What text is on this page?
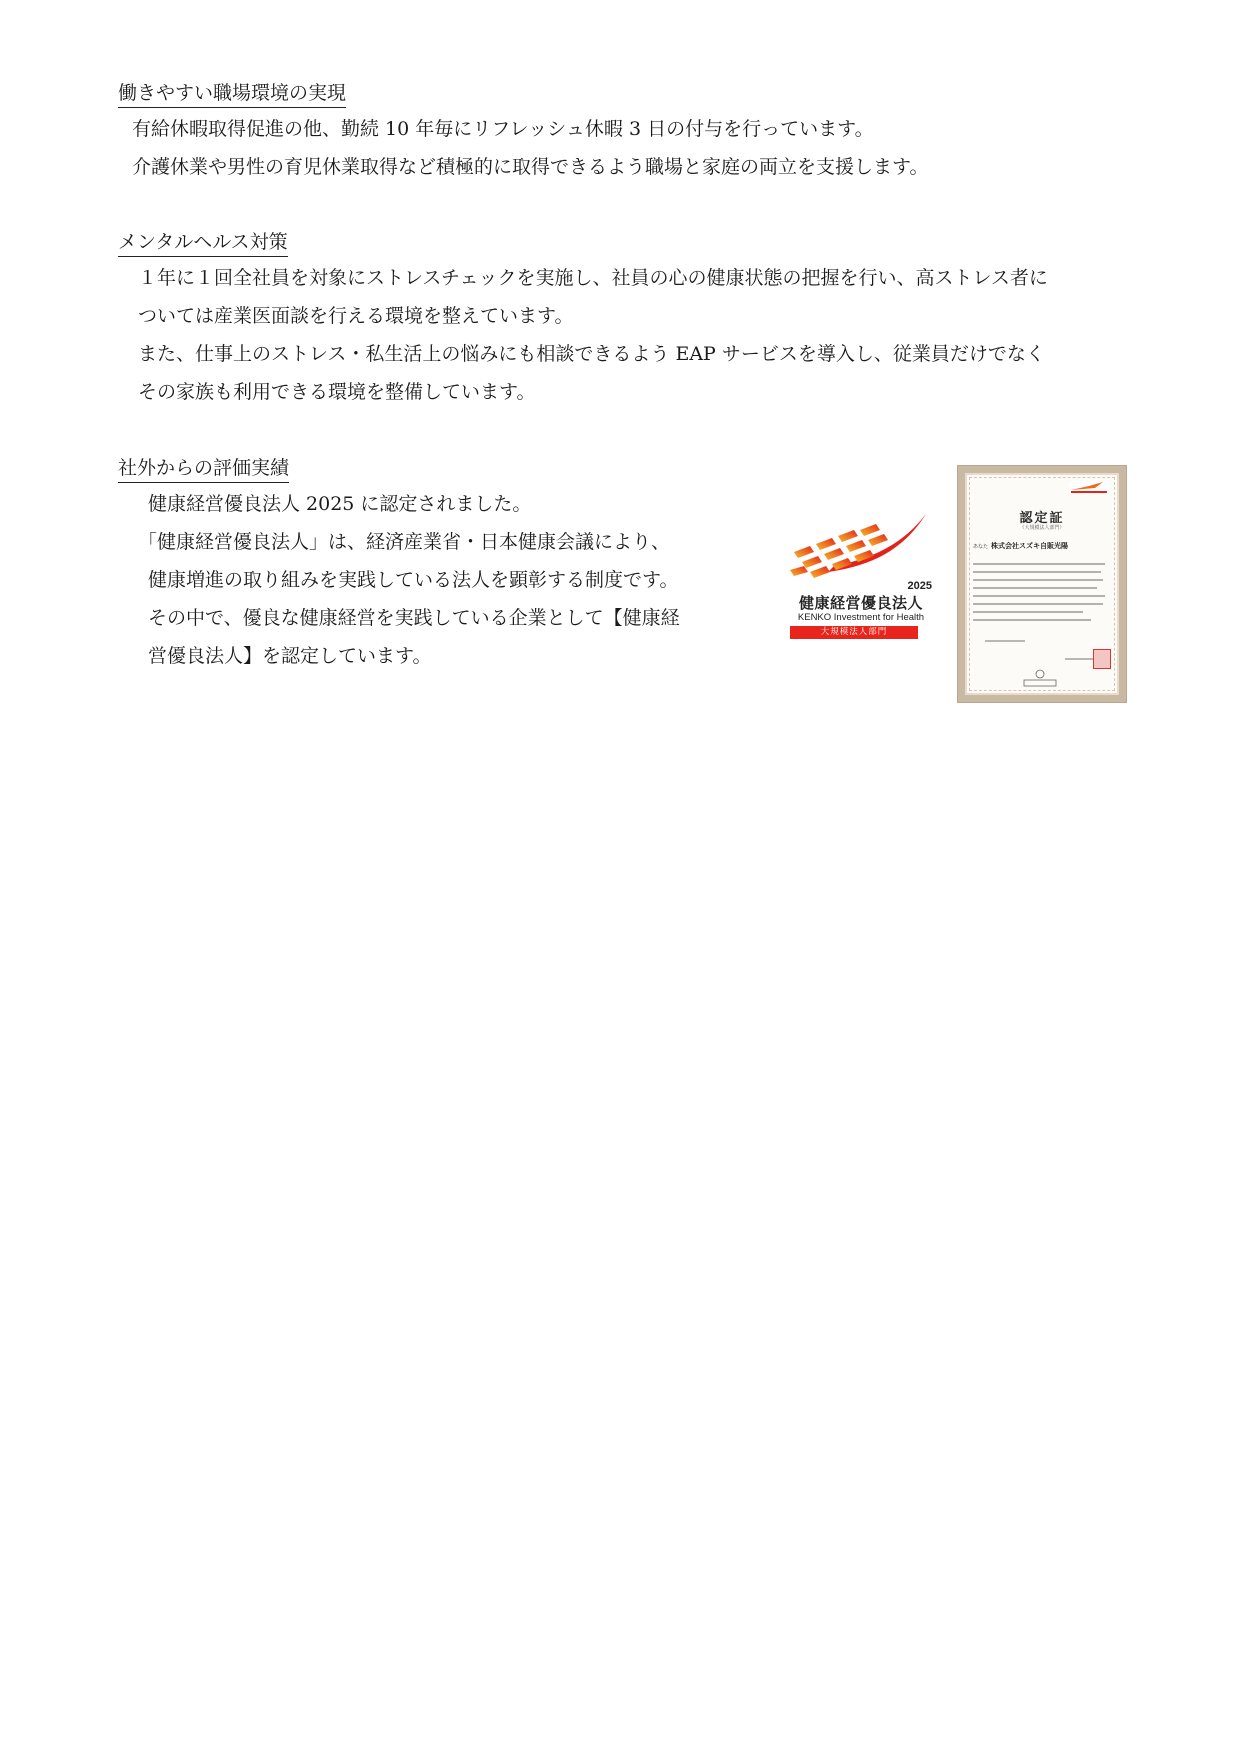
働きやすい職場環境の実現

有給休暇取得促進の他、勤続 10 年毎にリフレッシュ休暇 3 日の付与を行っています。

介護休業や男性の育児休業取得など積極的に取得できるよう職場と家庭の両立を支援します。

メンタルヘルス対策

１年に１回全社員を対象にストレスチェックを実施し、社員の心の健康状態の把握を行い、高ストレス者に

ついては産業医面談を行える環境を整えています。

また、仕事上のストレス・私生活上の悩みにも相談できるよう EAP サービスを導入し、従業員だけでなく

その家族も利用できる環境を整備しています。

社外からの評価実績

健康経営優良法人 2025 に認定されました。

「健康経営優良法人」は、経済産業省・日本健康会議により、

健康増進の取り組みを実践している法人を顕彰する制度です。

その中で、優良な健康経営を実践している企業として【健康経

営優良法人】を認定しています。

2025
健康経営優良法人
KENKO Investment for Health
大規模法人部門
認定証
（大規模法人部門）
あなた 株式会社スズキ自販光陽
